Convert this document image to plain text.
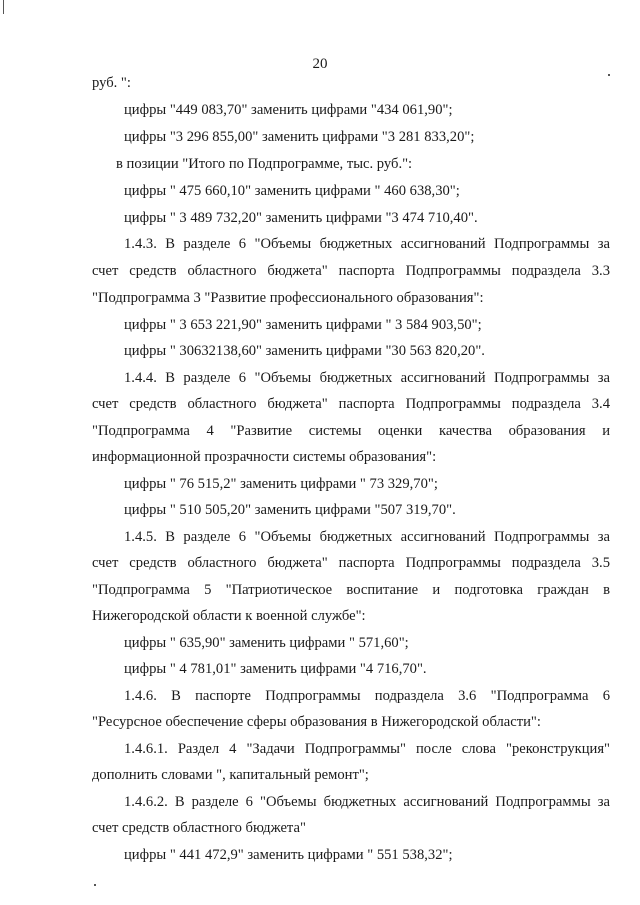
20
руб. ":
цифры "449 083,70" заменить цифрами "434 061,90";
цифры "3 296 855,00" заменить цифрами "3 281 833,20";
в позиции "Итого по Подпрограмме, тыс. руб.":
цифры " 475 660,10" заменить цифрами " 460 638,30";
цифры " 3 489 732,20" заменить цифрами "3 474 710,40".
1.4.3. В разделе 6 "Объемы бюджетных ассигнований Подпрограммы за
счет средств областного бюджета" паспорта Подпрограммы подраздела 3.3
"Подпрограмма 3 "Развитие профессионального образования":
цифры " 3 653 221,90" заменить цифрами " 3 584 903,50";
цифры " 30632138,60" заменить цифрами "30 563 820,20".
1.4.4. В разделе 6 "Объемы бюджетных ассигнований Подпрограммы за
счет средств областного бюджета" паспорта Подпрограммы подраздела 3.4
"Подпрограмма 4 "Развитие системы оценки качества образования и
информационной прозрачности системы образования":
цифры " 76 515,2" заменить цифрами " 73 329,70";
цифры " 510 505,20" заменить цифрами "507 319,70".
1.4.5. В разделе 6 "Объемы бюджетных ассигнований Подпрограммы за
счет средств областного бюджета" паспорта Подпрограммы подраздела 3.5
"Подпрограмма 5 "Патриотическое воспитание и подготовка граждан в
Нижегородской области к военной службе":
цифры " 635,90" заменить цифрами " 571,60";
цифры " 4 781,01" заменить цифрами "4 716,70".
1.4.6. В паспорте Подпрограммы подраздела 3.6 "Подпрограмма 6
"Ресурсное обеспечение сферы образования в Нижегородской области":
1.4.6.1. Раздел 4 "Задачи Подпрограммы" после слова "реконструкция"
дополнить словами ", капитальный ремонт";
1.4.6.2. В разделе 6 "Объемы бюджетных ассигнований Подпрограммы за
счет средств областного бюджета"
цифры " 441 472,9" заменить цифрами " 551 538,32";
